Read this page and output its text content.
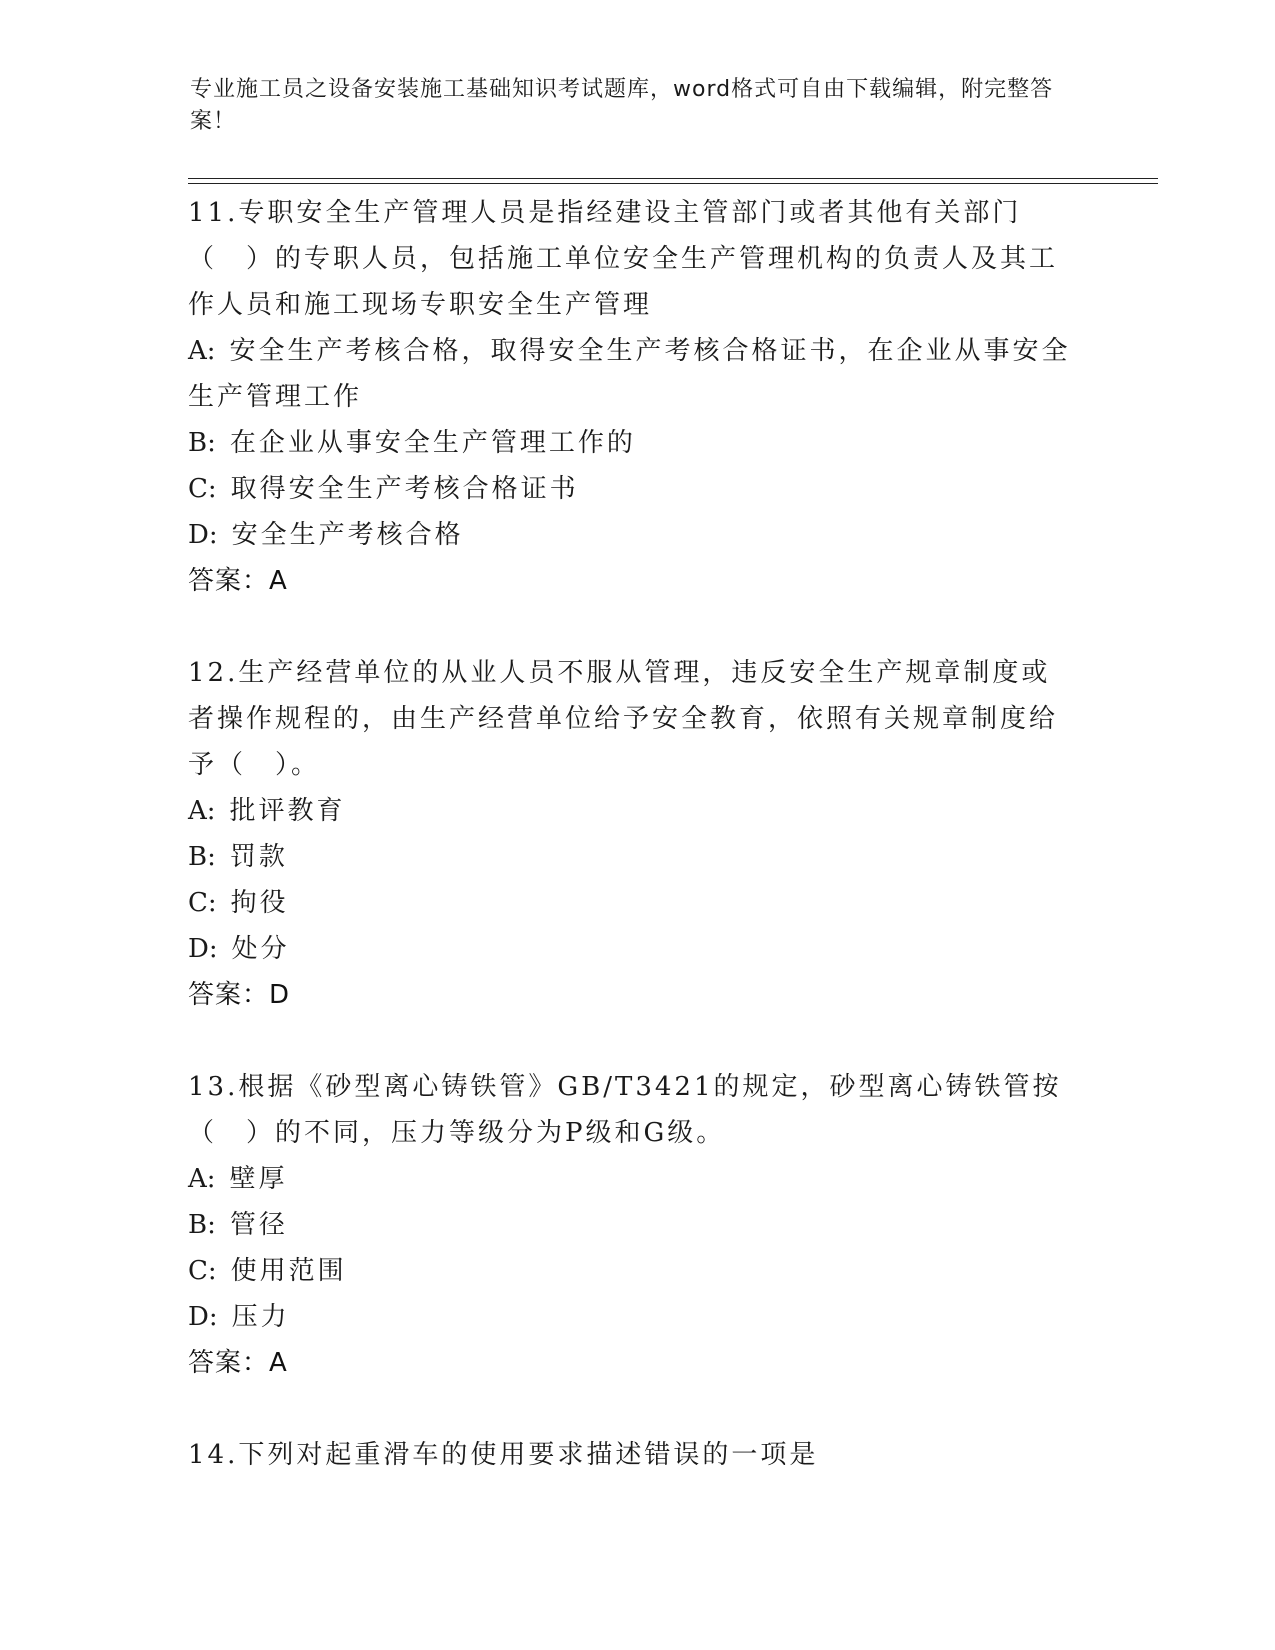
专业施工员之设备安装施工基础知识考试题库，word格式可自由下载编辑，附完整答案！

11.专职安全生产管理人员是指经建设主管部门或者其他有关部门（　）的专职人员，包括施工单位安全生产管理机构的负责人及其工作人员和施工现场专职安全生产管理

A: 安全生产考核合格，取得安全生产考核合格证书，在企业从事安全生产管理工作

B: 在企业从事安全生产管理工作的

C: 取得安全生产考核合格证书

D: 安全生产考核合格

答案：A

12.生产经营单位的从业人员不服从管理，违反安全生产规章制度或者操作规程的，由生产经营单位给予安全教育，依照有关规章制度给予（　）。

A: 批评教育

B: 罚款

C: 拘役

D: 处分

答案：D

13.根据《砂型离心铸铁管》GB/T3421的规定，砂型离心铸铁管按（　）的不同，压力等级分为P级和G级。

A: 壁厚

B: 管径

C: 使用范围

D: 压力

答案：A

14.下列对起重滑车的使用要求描述错误的一项是
